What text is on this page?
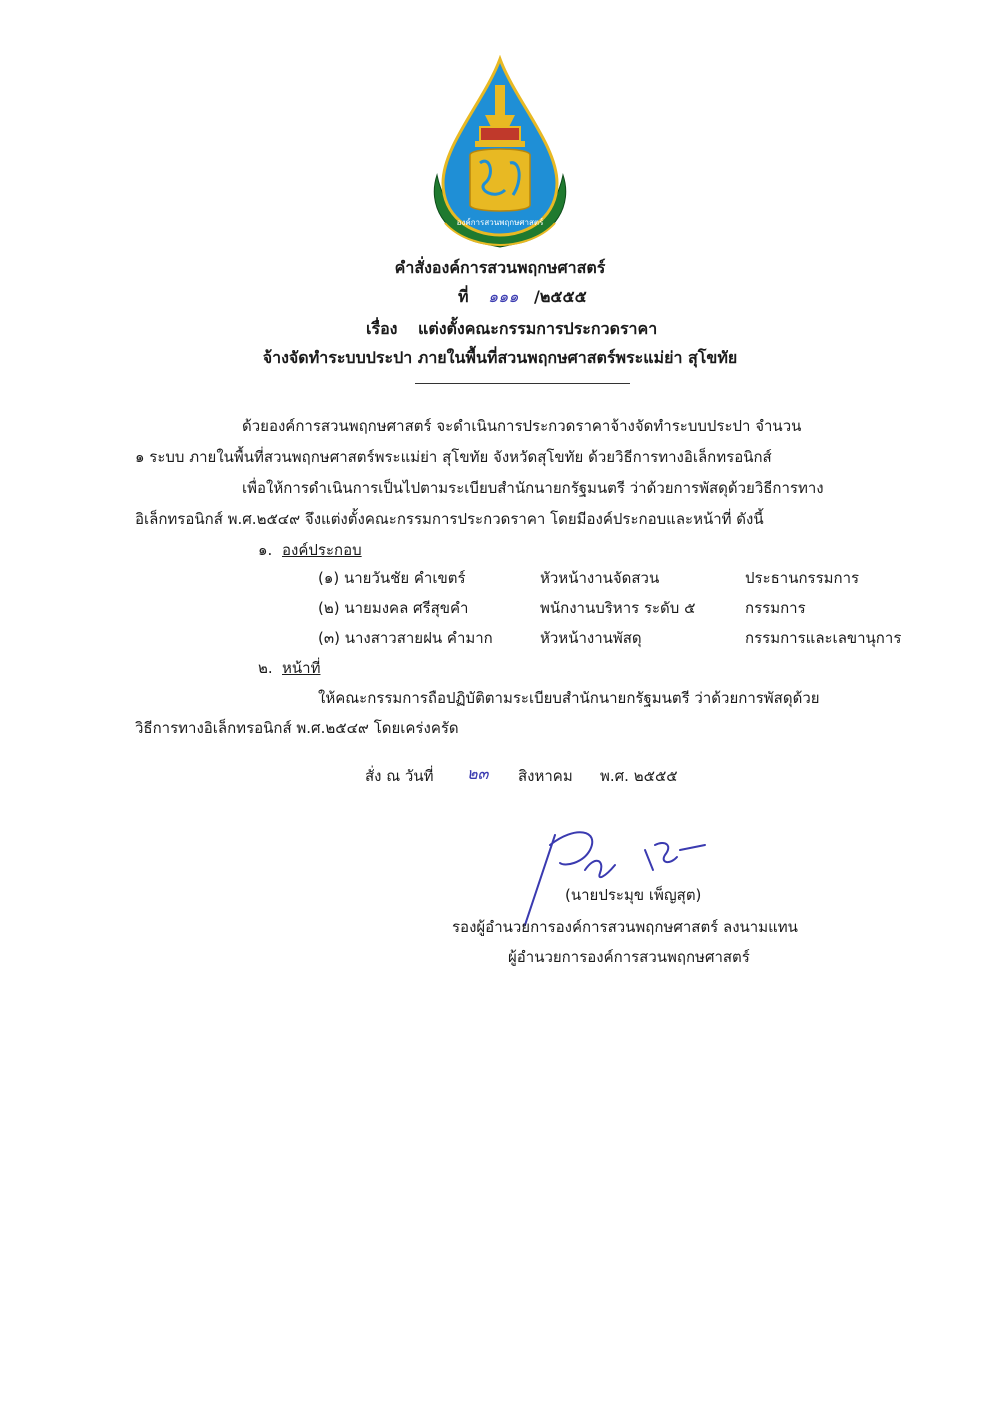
องค์การสวนพฤกษศาสตร์
คำสั่งองค์การสวนพฤกษศาสตร์
ที่ ๑๑๑ /๒๕๕๕
เรื่อง แต่งตั้งคณะกรรมการประกวดราคา
จ้างจัดทำระบบประปา ภายในพื้นที่สวนพฤกษศาสตร์พระแม่ย่า สุโขทัย
ด้วยองค์การสวนพฤกษศาสตร์ จะดำเนินการประกวดราคาจ้างจัดทำระบบประปา จำนวน
๑ ระบบ ภายในพื้นที่สวนพฤกษศาสตร์พระแม่ย่า สุโขทัย จังหวัดสุโขทัย ด้วยวิธีการทางอิเล็กทรอนิกส์
เพื่อให้การดำเนินการเป็นไปตามระเบียบสำนักนายกรัฐมนตรี ว่าด้วยการพัสดุด้วยวิธีการทาง
อิเล็กทรอนิกส์ พ.ศ.๒๕๔๙ จึงแต่งตั้งคณะกรรมการประกวดราคา โดยมีองค์ประกอบและหน้าที่ ดังนี้
๑. องค์ประกอบ
(๑) นายวันชัย คำเขตร์	หัวหน้างานจัดสวน	ประธานกรรมการ
(๒) นายมงคล ศรีสุขคำ	พนักงานบริหาร ระดับ ๕	กรรมการ
(๓) นางสาวสายฝน คำมาก	หัวหน้างานพัสดุ	กรรมการและเลขานุการ
๒. หน้าที่
ให้คณะกรรมการถือปฏิบัติตามระเบียบสำนักนายกรัฐมนตรี ว่าด้วยการพัสดุด้วย
วิธีการทางอิเล็กทรอนิกส์ พ.ศ.๒๕๔๙ โดยเคร่งครัด
สั่ง ณ วันที่ ๒๓ สิงหาคม พ.ศ. ๒๕๕๕
(นายประมุข เพ็ญสุต)
รองผู้อำนวยการองค์การสวนพฤกษศาสตร์ ลงนามแทน
ผู้อำนวยการองค์การสวนพฤกษศาสตร์
